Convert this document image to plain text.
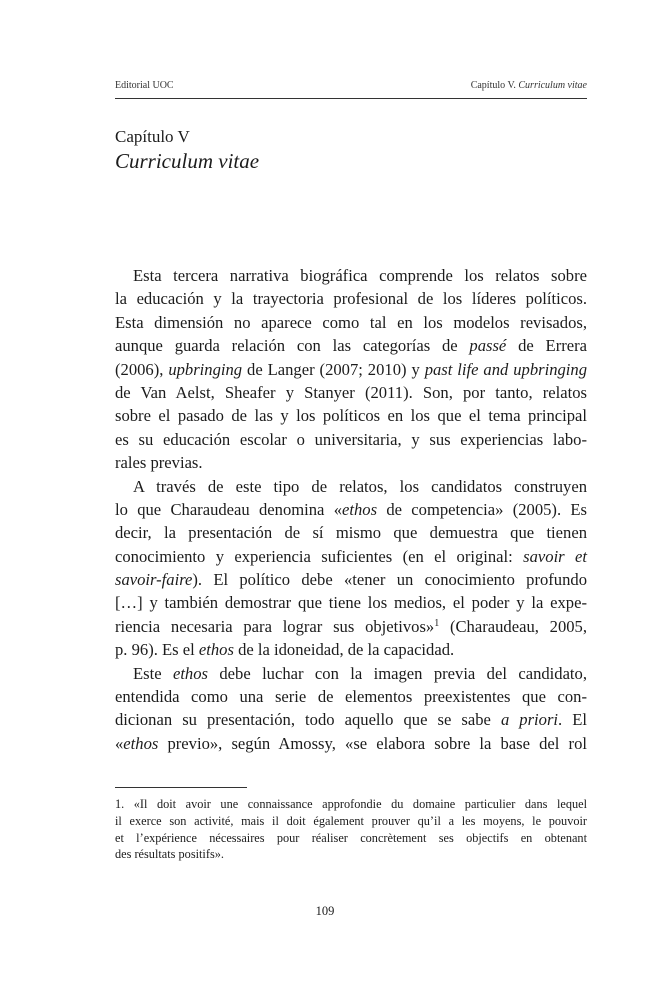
Editorial UOC	Capítulo V. Curriculum vitae
Capítulo V
Curriculum vitae
Esta tercera narrativa biográfica comprende los relatos sobre
la educación y la trayectoria profesional de los líderes políticos.
Esta dimensión no aparece como tal en los modelos revisados,
aunque guarda relación con las categorías de passé de Errera
(2006), upbringing de Langer (2007; 2010) y past life and upbringing
de Van Aelst, Sheafer y Stanyer (2011). Son, por tanto, relatos
sobre el pasado de las y los políticos en los que el tema principal
es su educación escolar o universitaria, y sus experiencias labo-
rales previas.
A través de este tipo de relatos, los candidatos construyen
lo que Charaudeau denomina «ethos de competencia» (2005). Es
decir, la presentación de sí mismo que demuestra que tienen
conocimiento y experiencia suficientes (en el original: savoir et
savoir-faire). El político debe «tener un conocimiento profundo
[…] y también demostrar que tiene los medios, el poder y la expe-
riencia necesaria para lograr sus objetivos»$^1$ (Charaudeau, 2005,
p. 96). Es el ethos de la idoneidad, de la capacidad.
Este ethos debe luchar con la imagen previa del candidato,
entendida como una serie de elementos preexistentes que con-
dicionan su presentación, todo aquello que se sabe a priori. El
«ethos previo», según Amossy, «se elabora sobre la base del rol
1. «Il doit avoir une connaissance approfondie du domaine particulier dans lequel
il exerce son activité, mais il doit également prouver qu’il a les moyens, le pouvoir
et l’expérience nécessaires pour réaliser concrètement ses objectifs en obtenant
des résultats positifs».
109
